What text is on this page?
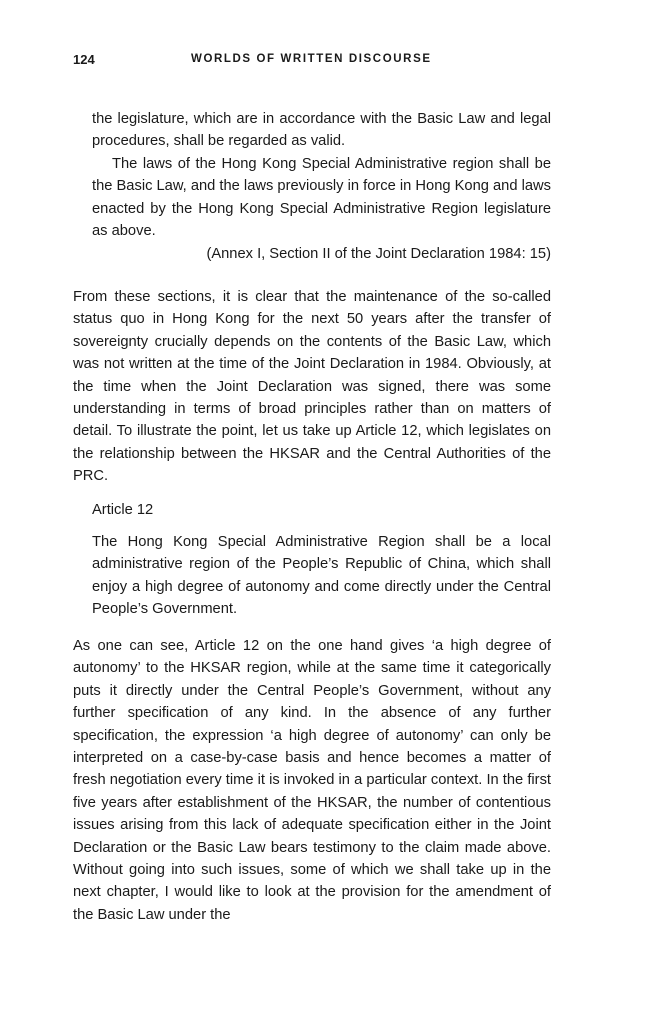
124	WORLDS OF WRITTEN DISCOURSE

the legislature, which are in accordance with the Basic Law and legal procedures, shall be regarded as valid.

The laws of the Hong Kong Special Administrative region shall be the Basic Law, and the laws previously in force in Hong Kong and laws enacted by the Hong Kong Special Administrative Region legislature as above.

(Annex I, Section II of the Joint Declaration 1984: 15)

From these sections, it is clear that the maintenance of the so-called status quo in Hong Kong for the next 50 years after the transfer of sovereignty crucially depends on the contents of the Basic Law, which was not written at the time of the Joint Declaration in 1984. Obviously, at the time when the Joint Declaration was signed, there was some understanding in terms of broad principles rather than on matters of detail. To illustrate the point, let us take up Article 12, which legislates on the relationship between the HKSAR and the Central Authorities of the PRC.

Article 12

The Hong Kong Special Administrative Region shall be a local administrative region of the People’s Republic of China, which shall enjoy a high degree of autonomy and come directly under the Central People’s Government.

As one can see, Article 12 on the one hand gives ‘a high degree of autonomy’ to the HKSAR region, while at the same time it categorically puts it directly under the Central People’s Government, without any further specification of any kind. In the absence of any further specification, the expression ‘a high degree of autonomy’ can only be interpreted on a case-by-case basis and hence becomes a matter of fresh negotiation every time it is invoked in a particular context. In the first five years after establishment of the HKSAR, the number of contentious issues arising from this lack of adequate specification either in the Joint Declaration or the Basic Law bears testimony to the claim made above. Without going into such issues, some of which we shall take up in the next chapter, I would like to look at the provision for the amendment of the Basic Law under the
